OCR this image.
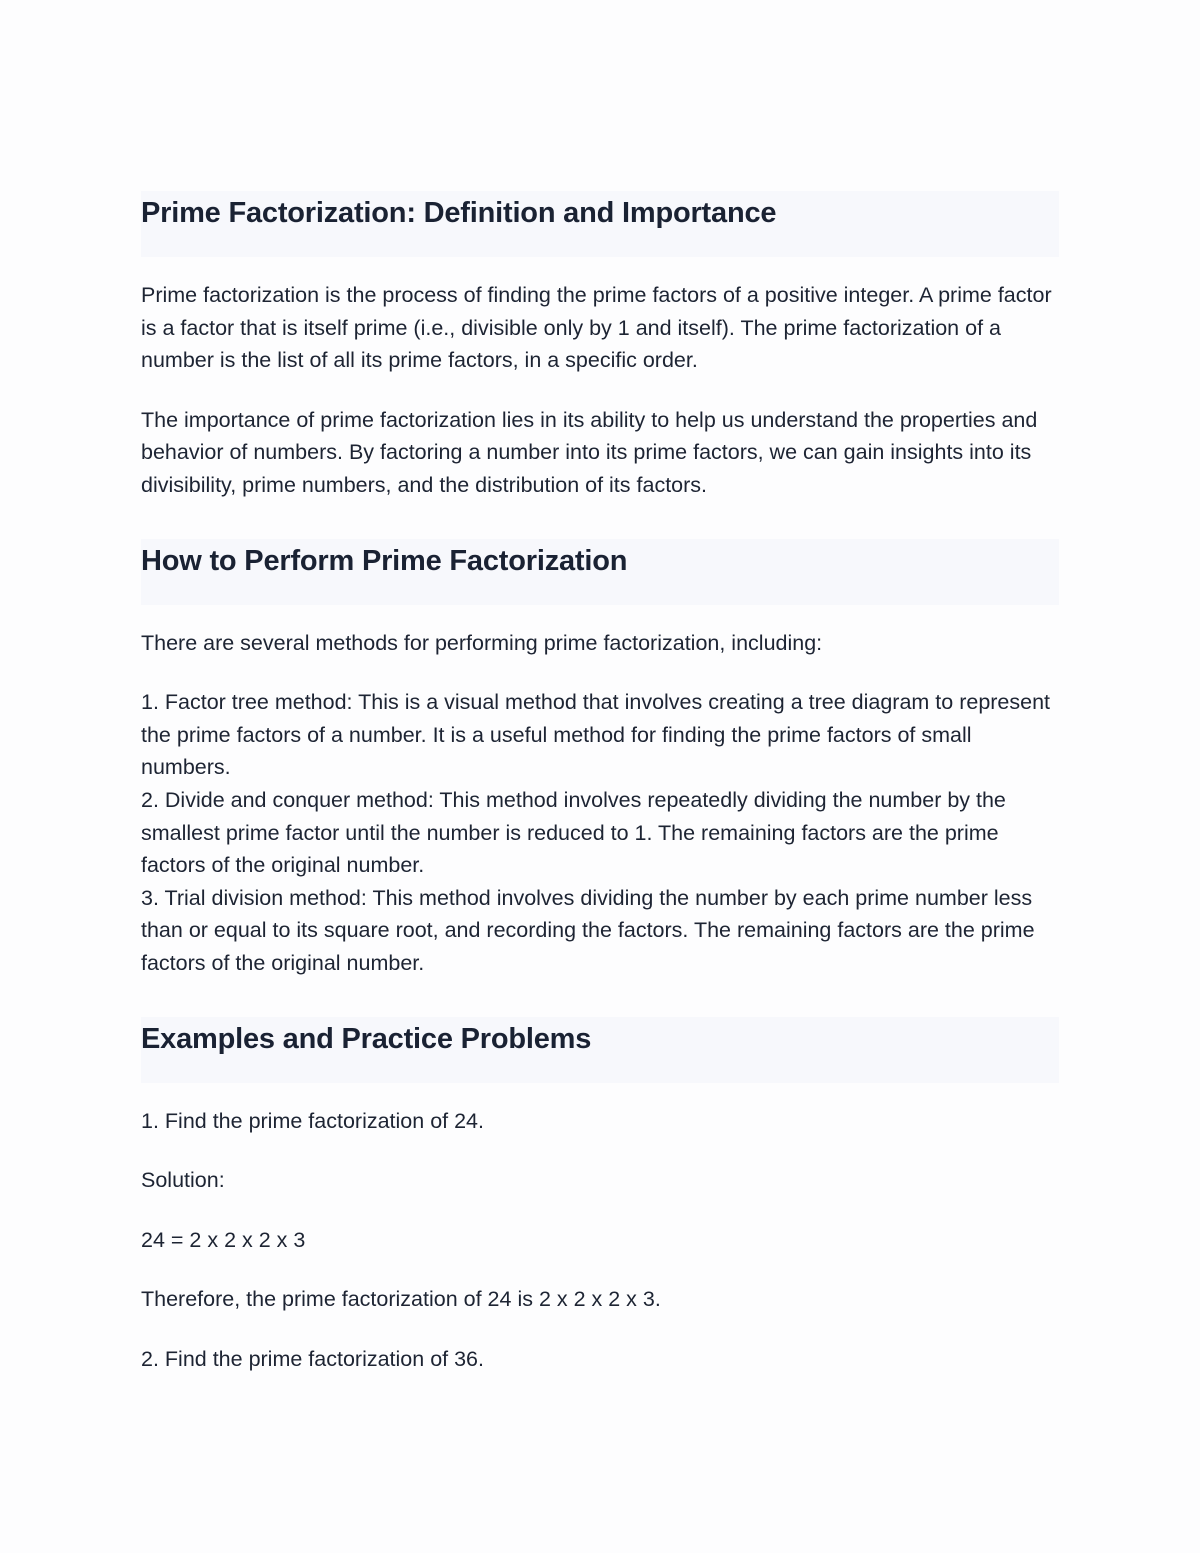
Prime Factorization: Definition and Importance

Prime factorization is the process of finding the prime factors of a positive integer. A prime factor is a factor that is itself prime (i.e., divisible only by 1 and itself). The prime factorization of a number is the list of all its prime factors, in a specific order.

The importance of prime factorization lies in its ability to help us understand the properties and behavior of numbers. By factoring a number into its prime factors, we can gain insights into its divisibility, prime numbers, and the distribution of its factors.

How to Perform Prime Factorization

There are several methods for performing prime factorization, including:

1. Factor tree method: This is a visual method that involves creating a tree diagram to represent the prime factors of a number. It is a useful method for finding the prime factors of small numbers.

2. Divide and conquer method: This method involves repeatedly dividing the number by the smallest prime factor until the number is reduced to 1. The remaining factors are the prime factors of the original number.

3. Trial division method: This method involves dividing the number by each prime number less than or equal to its square root, and recording the factors. The remaining factors are the prime factors of the original number.

Examples and Practice Problems

1. Find the prime factorization of 24.

Solution:

24 = 2 x 2 x 2 x 3

Therefore, the prime factorization of 24 is 2 x 2 x 2 x 3.

2. Find the prime factorization of 36.
